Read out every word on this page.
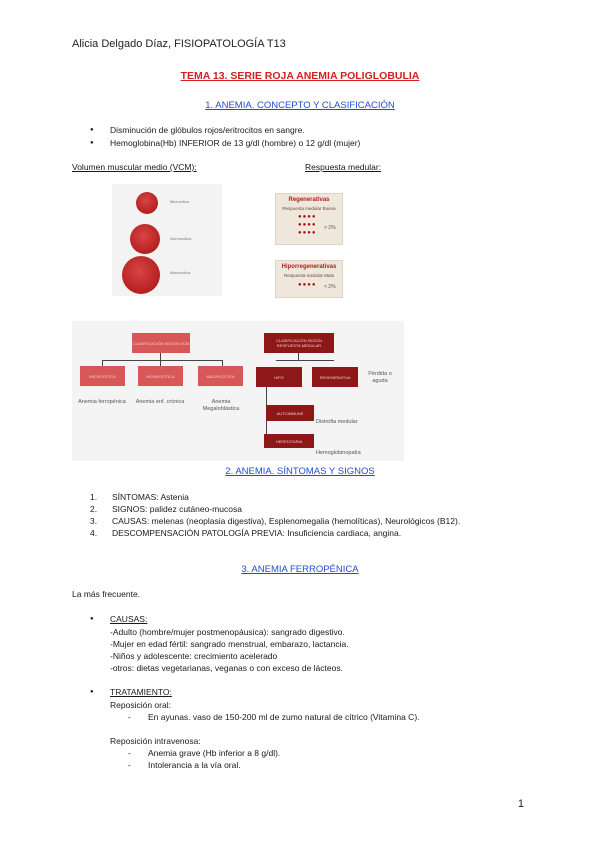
Alicia Delgado Díaz, FISIOPATOLOGÍA T13
TEMA 13. SERIE ROJA ANEMIA POLIGLOBULIA
1. ANEMIA. CONCEPTO Y CLASIFICACIÓN
● Disminución de glóbulos rojos/eritrocitos en sangre.
● Hemoglobina(Hb) INFERIOR de 13 g/dl (hombre) o 12 g/dl (mujer)
Volumen muscular medio (VCM):	Respuesta medular:
Microcítica
Normocítica
Macrocítica
Regenerativas
Respuesta medular Buena
●●●●
●●●● > 2%
●●●●
Hiporregenerativas
Respuesta medular Mala
●●●● < 2%
CLASIFICACIÓN SEGÚN VCM
MICROCÍTICA	NORMOCÍTICA	MACROCÍTICA
Anemia ferropénica	Anemia enf. crónica	Anemia Megaloblástica
CLASIFICACIÓN SEGÚN RESPUESTA MEDULAR
HIPO	REGENERATIVA	Pérdida o aguda
AUTOINMUNE
Distrofia medular
HEREDITARIA
Hemoglobinopatía
2. ANEMIA. SÍNTOMAS Y SIGNOS
1. SÍNTOMAS: Astenia
2. SIGNOS: palidez cutáneo-mucosa
3. CAUSAS: melenas (neoplasia digestiva), Esplenomegalia (hemolíticas), Neurológicos (B12).
4. DESCOMPENSACIÓN PATOLOGÍA PREVIA: Insuficiencia cardiaca, angina.
3. ANEMIA FERROPÉNICA
La más frecuente.
● CAUSAS:
-Adulto (hombre/mujer postmenopáusica): sangrado digestivo.
-Mujer en edad fértil: sangrado menstrual, embarazo, lactancia.
-Niños y adolescente: crecimiento acelerado
-otros: dietas vegetarianas, veganas o con exceso de lácteos.
● TRATAMIENTO:
Reposición oral:
- En ayunas. vaso de 150-200 ml de zumo natural de cítrico (Vitamina C).
Reposición intravenosa:
- Anemia grave (Hb inferior a 8 g/dl).
- Intolerancia a la vía oral.
1
